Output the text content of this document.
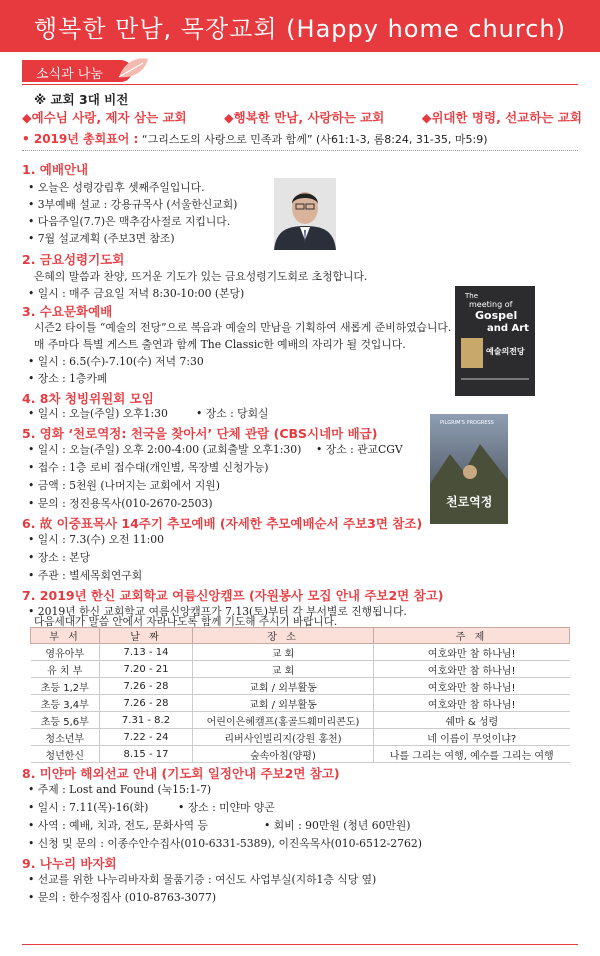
행복한 만남, 목장교회 (Happy home church)
소식과 나눔
※ 교회 3대 비전
◆예수님 사랑, 제자 삼는 교회	◆행복한 만남, 사랑하는 교회	◆위대한 명령, 선교하는 교회
• 2019년 총회표어 : “그리스도의 사랑으로 민족과 함께” (사61:1-3, 롬8:24, 31-35, 마5:9)
1. 예배안내
• 오늘은 성령강림후 셋째주일입니다.
• 3부예배 설교 : 강용규목사 (서울한신교회)
• 다음주일(7.7)은 맥추감사절로 지킵니다.
• 7월 설교계획 (주보3면 참조)
2. 금요성령기도회
은혜의 말씀과 찬양, 뜨거운 기도가 있는 금요성령기도회로 초청합니다.
• 일시 : 매주 금요일 저녁 8:30-10:00 (본당)
3. 수요문화예배
시즌2 타이틀 “예술의 전당”으로 복음과 예술의 만남을 기획하여 새롭게 준비하였습니다.
매 주마다 특별 게스트 출연과 함께 The Classic한 예배의 자리가 될 것입니다.
• 일시 : 6.5(수)-7.10(수) 저녁 7:30
• 장소 : 1층카페
The
meeting of
Gospel
and Art
예술의전당
4. 8차 청빙위원회 모임
• 일시 : 오늘(주일) 오후1:30	• 장소 : 당회실
5. 영화 ‘천로역정: 천국을 찾아서’ 단체 관람 (CBS시네마 배급)
• 일시 : 오늘(주일) 오후 2:00-4:00 (교회출발 오후1:30) • 장소 : 관교CGV
• 접수 : 1층 로비 접수대(개인별, 목장별 신청가능)
• 금액 : 5천원 (나머지는 교회에서 지원)
• 문의 : 정진용목사(010-2670-2503)
PILGRIM'S PROGRESS
천로역정
6. 故 이중표목사 14주기 추모예배 (자세한 추모예배순서 주보3면 참조)
• 일시 : 7.3(수) 오전 11:00
• 장소 : 본당
• 주관 : 별세목회연구회
7. 2019년 한신 교회학교 여름신앙캠프 (자원봉사 모집 안내 주보2면 참고)
• 2019년 한신 교회학교 여름신앙캠프가 7.13(토)부터 각 부서별로 진행됩니다.
부 서	날 짜	장 소	주 제
영유아부	7.13 - 14	교 회	여호와만 참 하나님!
유 치 부	7.20 - 21	교 회	여호와만 참 하나님!
초등 1,2부	7.26 - 28	교회 / 외부활동	여호와만 참 하나님!
초등 3,4부	7.26 - 28	교회 / 외부활동	여호와만 참 하나님!
초등 5,6부	7.31 - 8.2	어린이은혜캠프(홍골드훼미리콘도)	쉐마 & 성령
청소년부	7.22 - 24	리버사인빌리지(강원 홍천)	네 이름이 무엇이냐?
청년한신	8.15 - 17	숲속아침(양평)	나를 그리는 여행, 예수를 그리는 여행
8. 미얀마 해외선교 안내 (기도회 일정안내 주보2면 참고)
• 주제 : Lost and Found (눅15:1-7)
• 일시 : 7.11(목)-16(화)	• 장소 : 미얀마 양곤
• 사역 : 예배, 치과, 전도, 문화사역 등	• 회비 : 90만원 (청년 60만원)
• 신청 및 문의 : 이종수안수집사(010-6331-5389), 이진옥목사(010-6512-2762)
9. 나누리 바자회
• 선교를 위한 나누리바자회 물품기증 : 여신도 사업부실(지하1층 식당 옆)
• 문의 : 한수정집사 (010-8763-3077)
다음세대가 말씀 안에서 자라나도록 함께 기도해 주시기 바랍니다.
